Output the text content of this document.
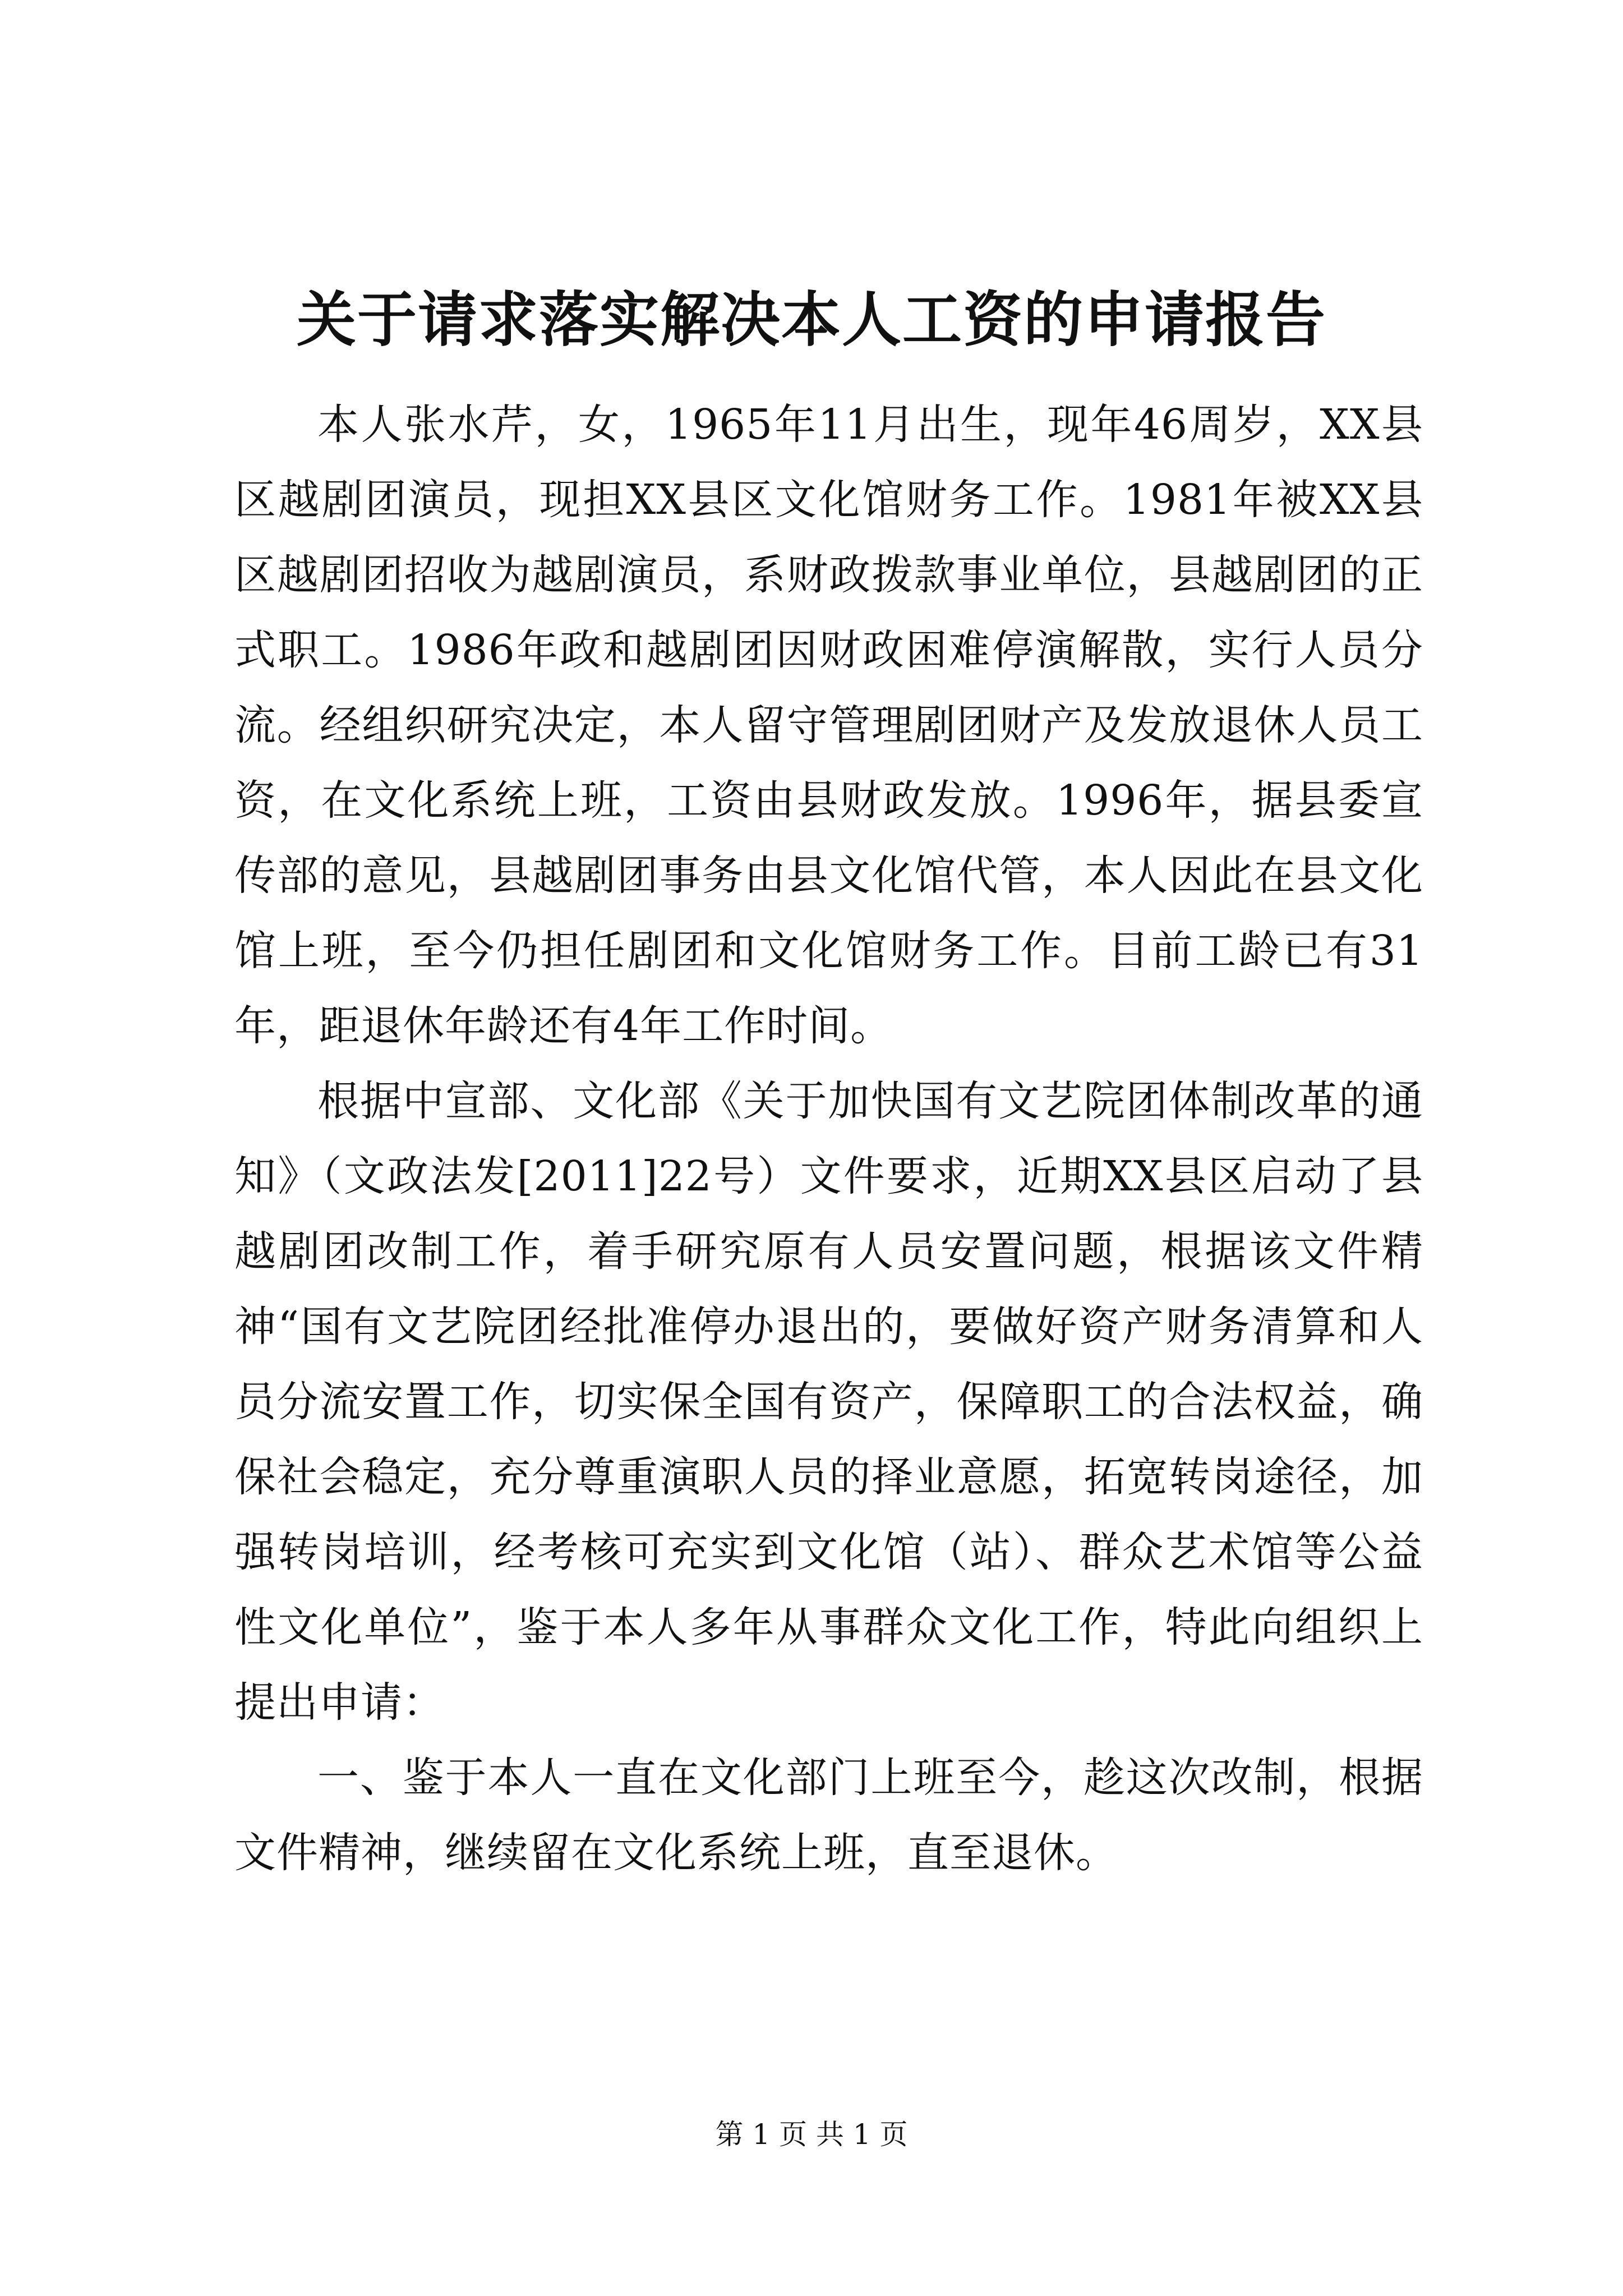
关于请求落实解决本人工资的申请报告

本人张水芹，女，1965年11月出生，现年46周岁，XX县区越剧团演员，现担XX县区文化馆财务工作。1981年被XX县区越剧团招收为越剧演员，系财政拨款事业单位，县越剧团的正式职工。1986年政和越剧团因财政困难停演解散，实行人员分流。经组织研究决定，本人留守管理剧团财产及发放退休人员工资，在文化系统上班，工资由县财政发放。1996年，据县委宣传部的意见，县越剧团事务由县文化馆代管，本人因此在县文化馆上班，至今仍担任剧团和文化馆财务工作。目前工龄已有31年，距退休年龄还有4年工作时间。

根据中宣部、文化部《关于加快国有文艺院团体制改革的通知》（文政法发[2011]22号）文件要求，近期XX县区启动了县越剧团改制工作，着手研究原有人员安置问题，根据该文件精神“国有文艺院团经批准停办退出的，要做好资产财务清算和人员分流安置工作，切实保全国有资产，保障职工的合法权益，确保社会稳定，充分尊重演职人员的择业意愿，拓宽转岗途径，加强转岗培训，经考核可充实到文化馆（站）、群众艺术馆等公益性文化单位”，鉴于本人多年从事群众文化工作，特此向组织上提出申请：

一、鉴于本人一直在文化部门上班至今，趁这次改制，根据文件精神，继续留在文化系统上班，直至退休。

第 1 页 共 1 页
